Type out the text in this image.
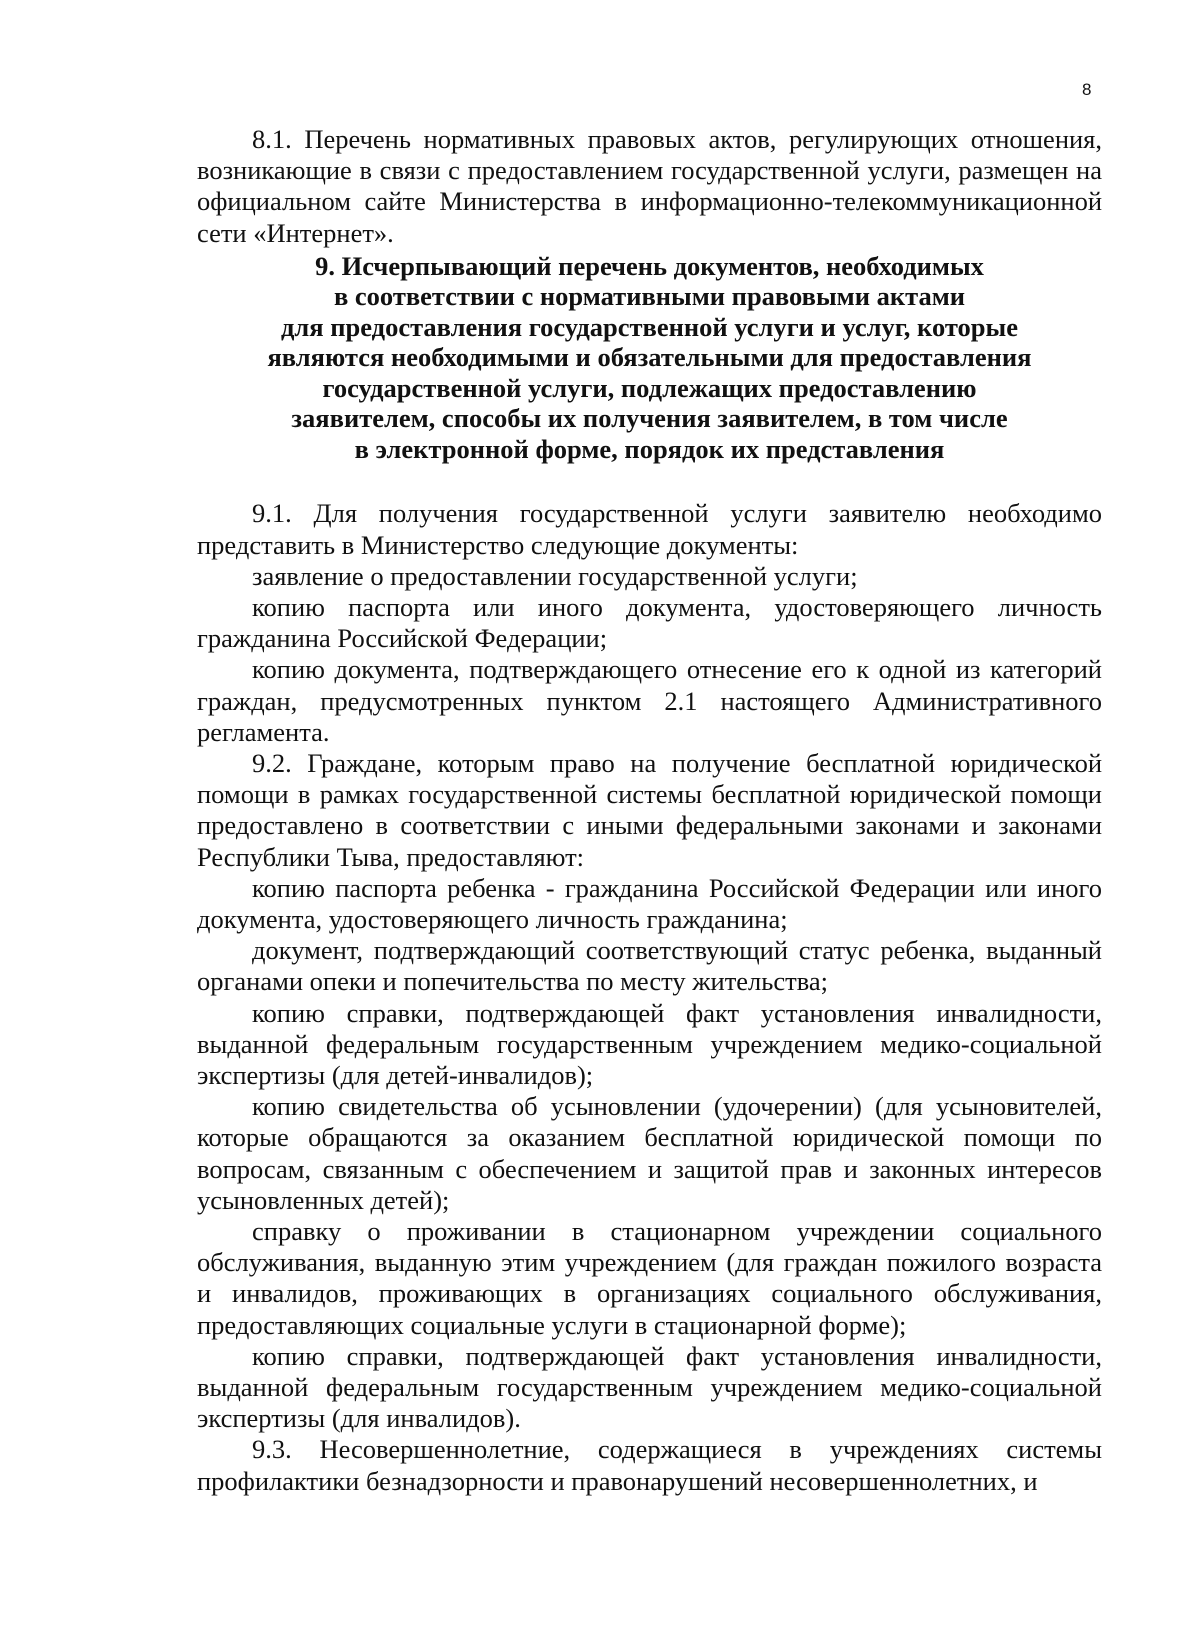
8

8.1. Перечень нормативных правовых актов, регулирующих отношения, возникающие в связи с предоставлением государственной услуги, размещен на официальном сайте Министерства в информационно-телекоммуникационной сети «Интернет».

9. Исчерпывающий перечень документов, необходимых
в соответствии с нормативными правовыми актами
для предоставления государственной услуги и услуг, которые
являются необходимыми и обязательными для предоставления
государственной услуги, подлежащих предоставлению
заявителем, способы их получения заявителем, в том числе
в электронной форме, порядок их представления

9.1. Для получения государственной услуги заявителю необходимо представить в Министерство следующие документы:

заявление о предоставлении государственной услуги;

копию паспорта или иного документа, удостоверяющего личность гражданина Российской Федерации;

копию документа, подтверждающего отнесение его к одной из категорий граждан, предусмотренных пунктом 2.1 настоящего Административного регламента.

9.2. Граждане, которым право на получение бесплатной юридической помощи в рамках государственной системы бесплатной юридической помощи предоставлено в соответствии с иными федеральными законами и законами Республики Тыва, предоставляют:

копию паспорта ребенка - гражданина Российской Федерации или иного документа, удостоверяющего личность гражданина;

документ, подтверждающий соответствующий статус ребенка, выданный органами опеки и попечительства по месту жительства;

копию справки, подтверждающей факт установления инвалидности, выданной федеральным государственным учреждением медико-социальной экспертизы (для детей-инвалидов);

копию свидетельства об усыновлении (удочерении) (для усыновителей, которые обращаются за оказанием бесплатной юридической помощи по вопросам, связанным с обеспечением и защитой прав и законных интересов усыновленных детей);

справку о проживании в стационарном учреждении социального обслуживания, выданную этим учреждением (для граждан пожилого возраста и инвалидов, проживающих в организациях социального обслуживания, предоставляющих социальные услуги в стационарной форме);

копию справки, подтверждающей факт установления инвалидности, выданной федеральным государственным учреждением медико-социальной экспертизы (для инвалидов).

9.3. Несовершеннолетние, содержащиеся в учреждениях системы профилактики безнадзорности и правонарушений несовершеннолетних, и
